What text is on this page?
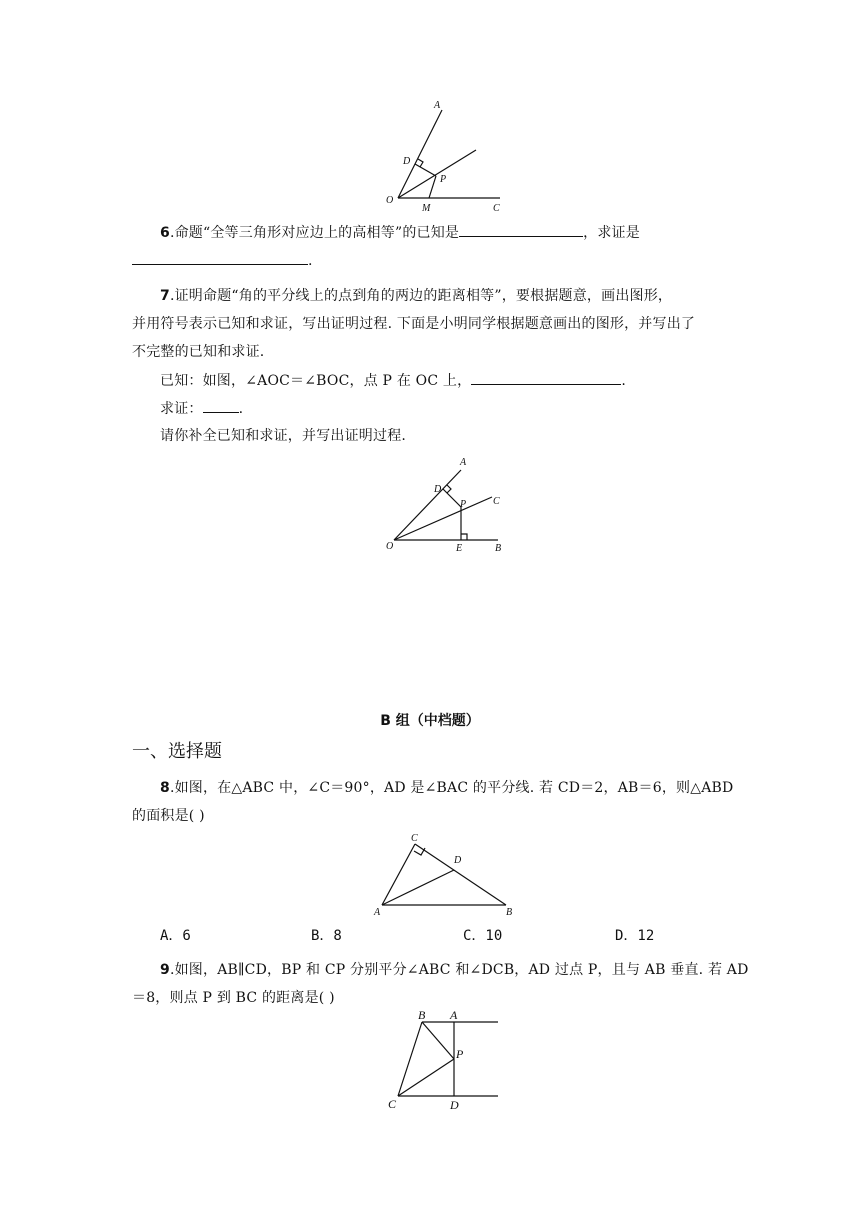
A
D
P
O
M	C
6.命题“全等三角形对应边上的高相等”的已知是	，求证是
.
7.证明命题“角的平分线上的点到角的两边的距离相等”，要根据题意，画出图形，
并用符号表示已知和求证，写出证明过程. 下面是小明同学根据题意画出的图形，并写出了
不完整的已知和求证.
已知：如图，∠AOC＝∠BOC，点 P 在 OC 上，	.
求证：	.
请你补全已知和求证，并写出证明过程.
A
D
P	C
O	E	B
B 组（中档题）
一、选择题
8.如图，在△ABC 中，∠C＝90°，AD 是∠BAC 的平分线. 若 CD＝2，AB＝6，则△ABD
的面积是( )
C
D
A	B
A．6	B．8	C．10	D．12
9.如图，AB∥CD，BP 和 CP 分别平分∠ABC 和∠DCB，AD 过点 P，且与 AB 垂直. 若 AD
＝8，则点 P 到 BC 的距离是( )
B A
P
C	D
